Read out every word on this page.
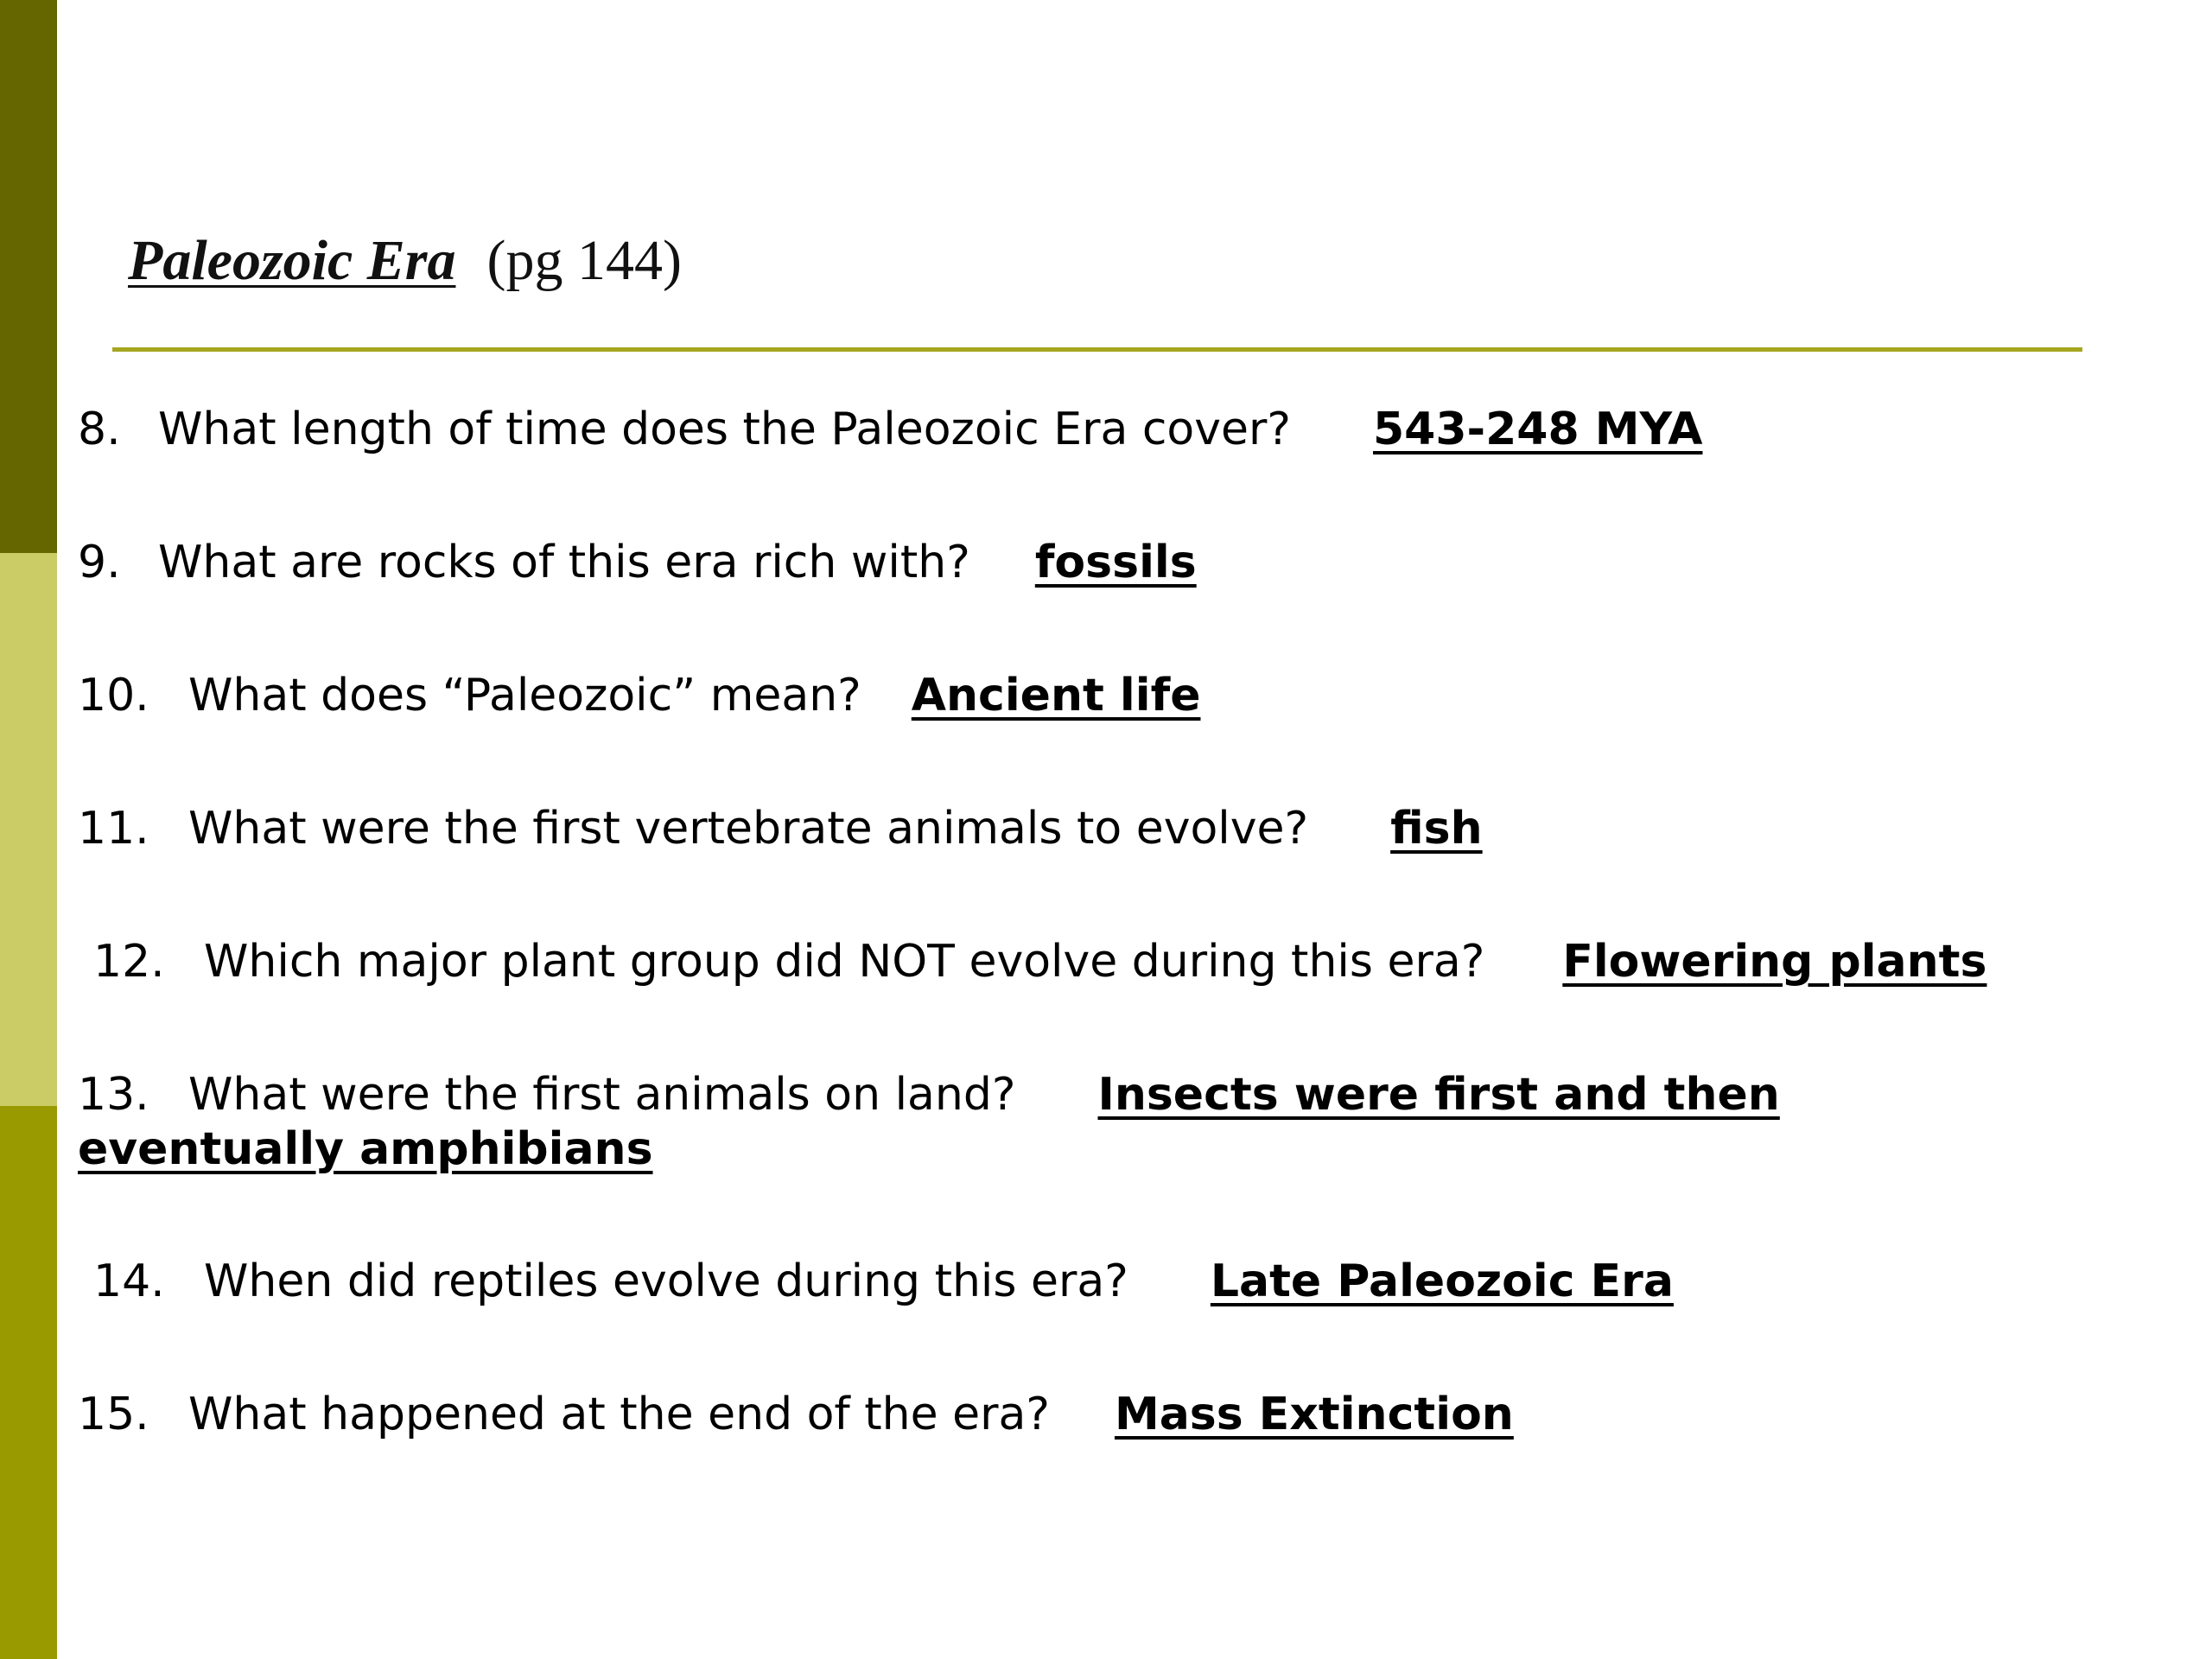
Paleozoic Era (pg 144)
8. What length of time does the Paleozoic Era cover? 543-248 MYA
9. What are rocks of this era rich with? fossils
10. What does “Paleozoic” mean? Ancient life
11. What were the first vertebrate animals to evolve? fish
12. Which major plant group did NOT evolve during this era? Flowering plants
13. What were the first animals on land? Insects were first and then
eventually amphibians
14. When did reptiles evolve during this era? Late Paleozoic Era
15. What happened at the end of the era? Mass Extinction
